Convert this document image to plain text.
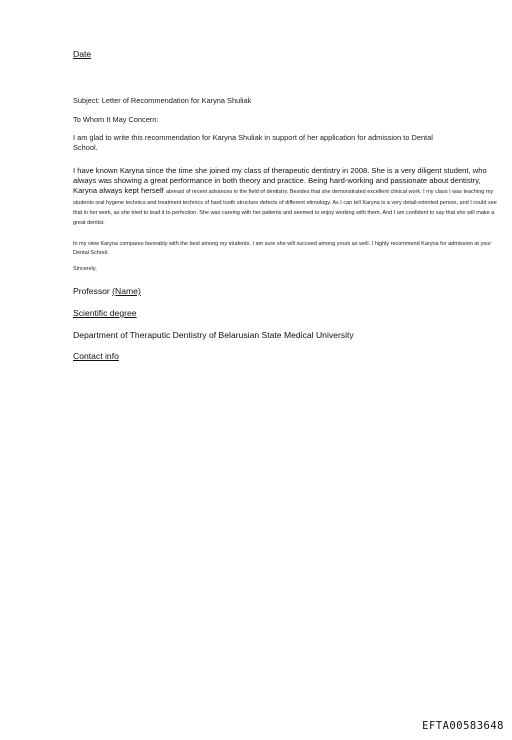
Date

Subject: Letter of Recommendation for Karyna Shuliak

To Whom It May Concern:

I am glad to write this recommendation for Karyna Shuliak in support of her application for admission to Dental School.

I have known Karyna since the time she joined my class of therapeutic dentistry in 2008. She is a very diligent student, who always was showing a great performance in both theory and practice. Being hard-working and passionate about dentistry, Karyna always kept herself abreast of recent advances in the field of dentistry. Besides that she demonstrated excellent clinical work. I my class I was teaching my students oral hygene technics and treatment technics of hard tooth structure defects of different etimology. As I can tell Karyna is a very detail-oriented person, and I could see that in her work, as she tried to lead it to perfection. She was careing with her patients and seemed to enjoy working with them. And I am confident to say that she will make a great dentist.

In my view Karyna compares favorably with the best among my students. I am sure she will succeed among yours as well. I highly recommend Karyna for admission at your Dental School.

Sincerely,

Professor (Name)

Scientific degree

Department of Theraputic Dentistry of Belarusian State Medical University

Contact info

EFTA00583648
